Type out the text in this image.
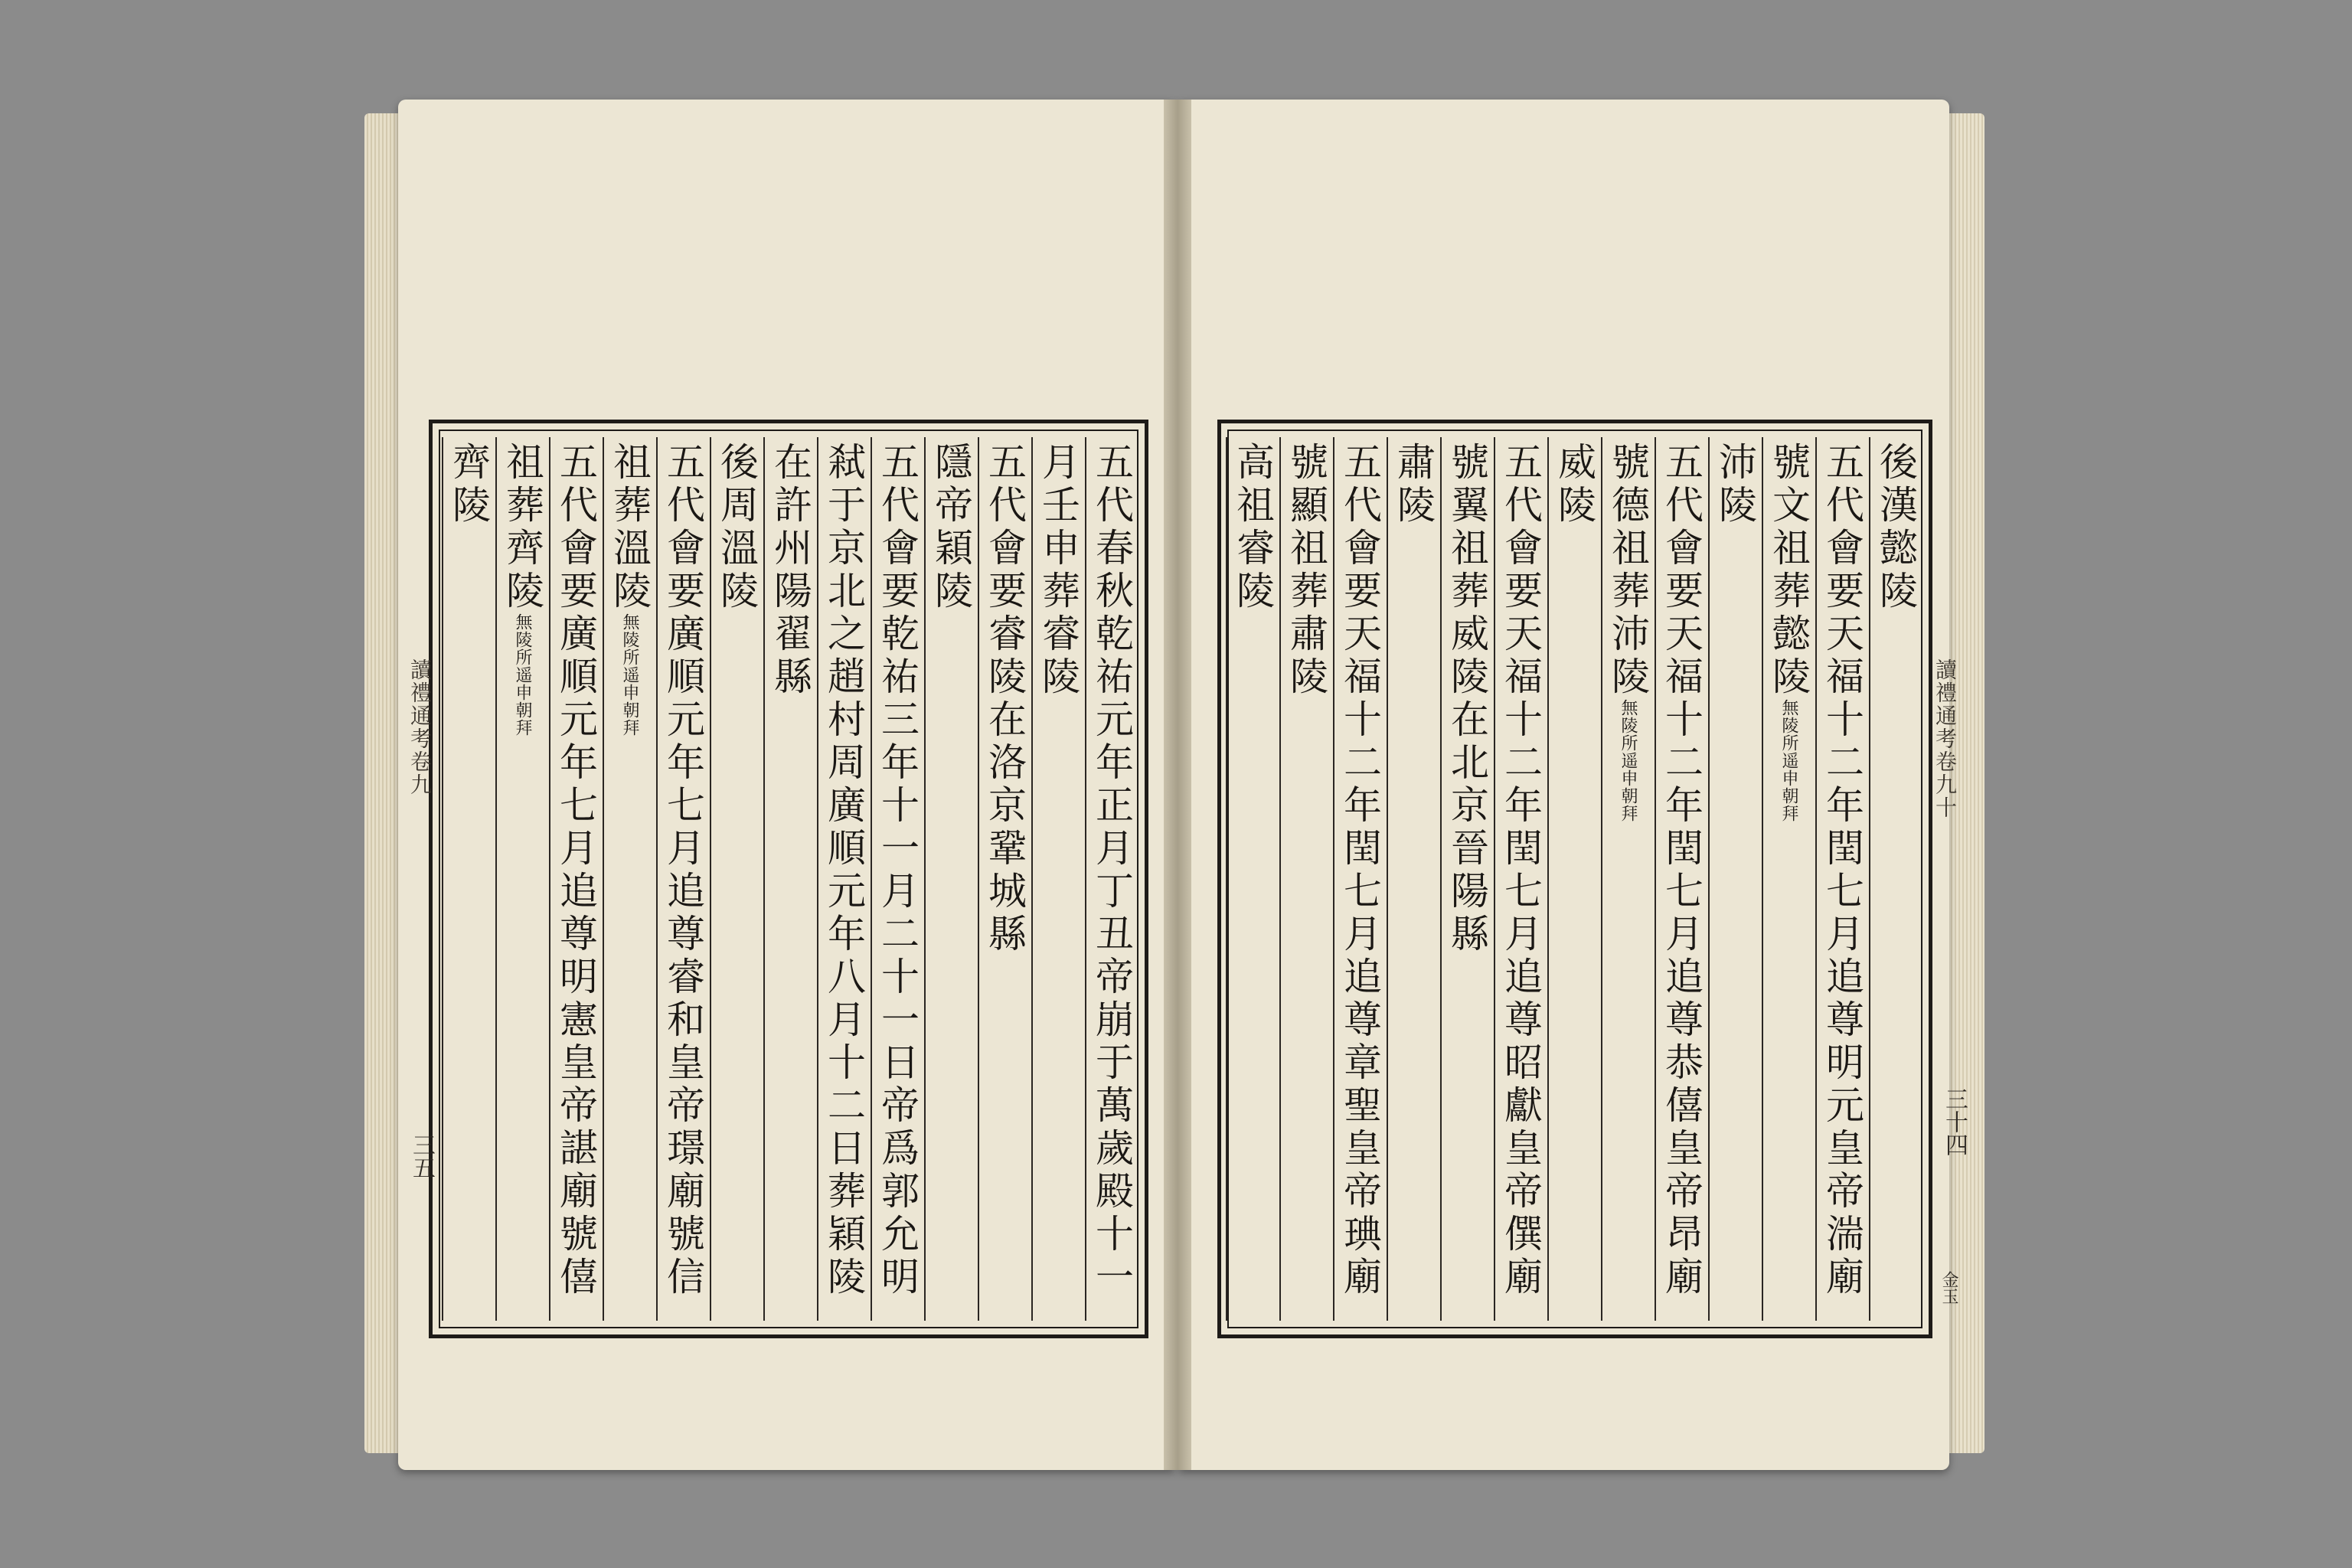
五代春秋乾祐元年正月丁丑帝崩于萬歲殿十一
月壬申葬睿陵
五代會要睿陵在洛京鞏城縣
隱帝穎陵
五代會要乾祐三年十一月二十一日帝爲郭允明
弒于京北之趙村周廣順元年八月十二日葬穎陵
在許州陽翟縣
後周溫陵
五代會要廣順元年七月追尊睿和皇帝璟廟號信
祖葬溫陵無陵所遥申朝拜
五代會要廣順元年七月追尊明憲皇帝諶廟號僖
祖葬齊陵無陵所遥申朝拜
齊陵
讀禮通考卷九
三五
後漢懿陵
五代會要天福十二年閏七月追尊明元皇帝湍廟
號文祖葬懿陵無陵所遥申朝拜
沛陵
五代會要天福十二年閏七月追尊恭僖皇帝昂廟
號德祖葬沛陵無陵所遥申朝拜
威陵
五代會要天福十二年閏七月追尊昭獻皇帝僎廟
號翼祖葬威陵在北京晉陽縣
肅陵
五代會要天福十二年閏七月追尊章聖皇帝琠廟
號顯祖葬肅陵
高祖睿陵
讀禮通考卷九十
三十四
金玉
